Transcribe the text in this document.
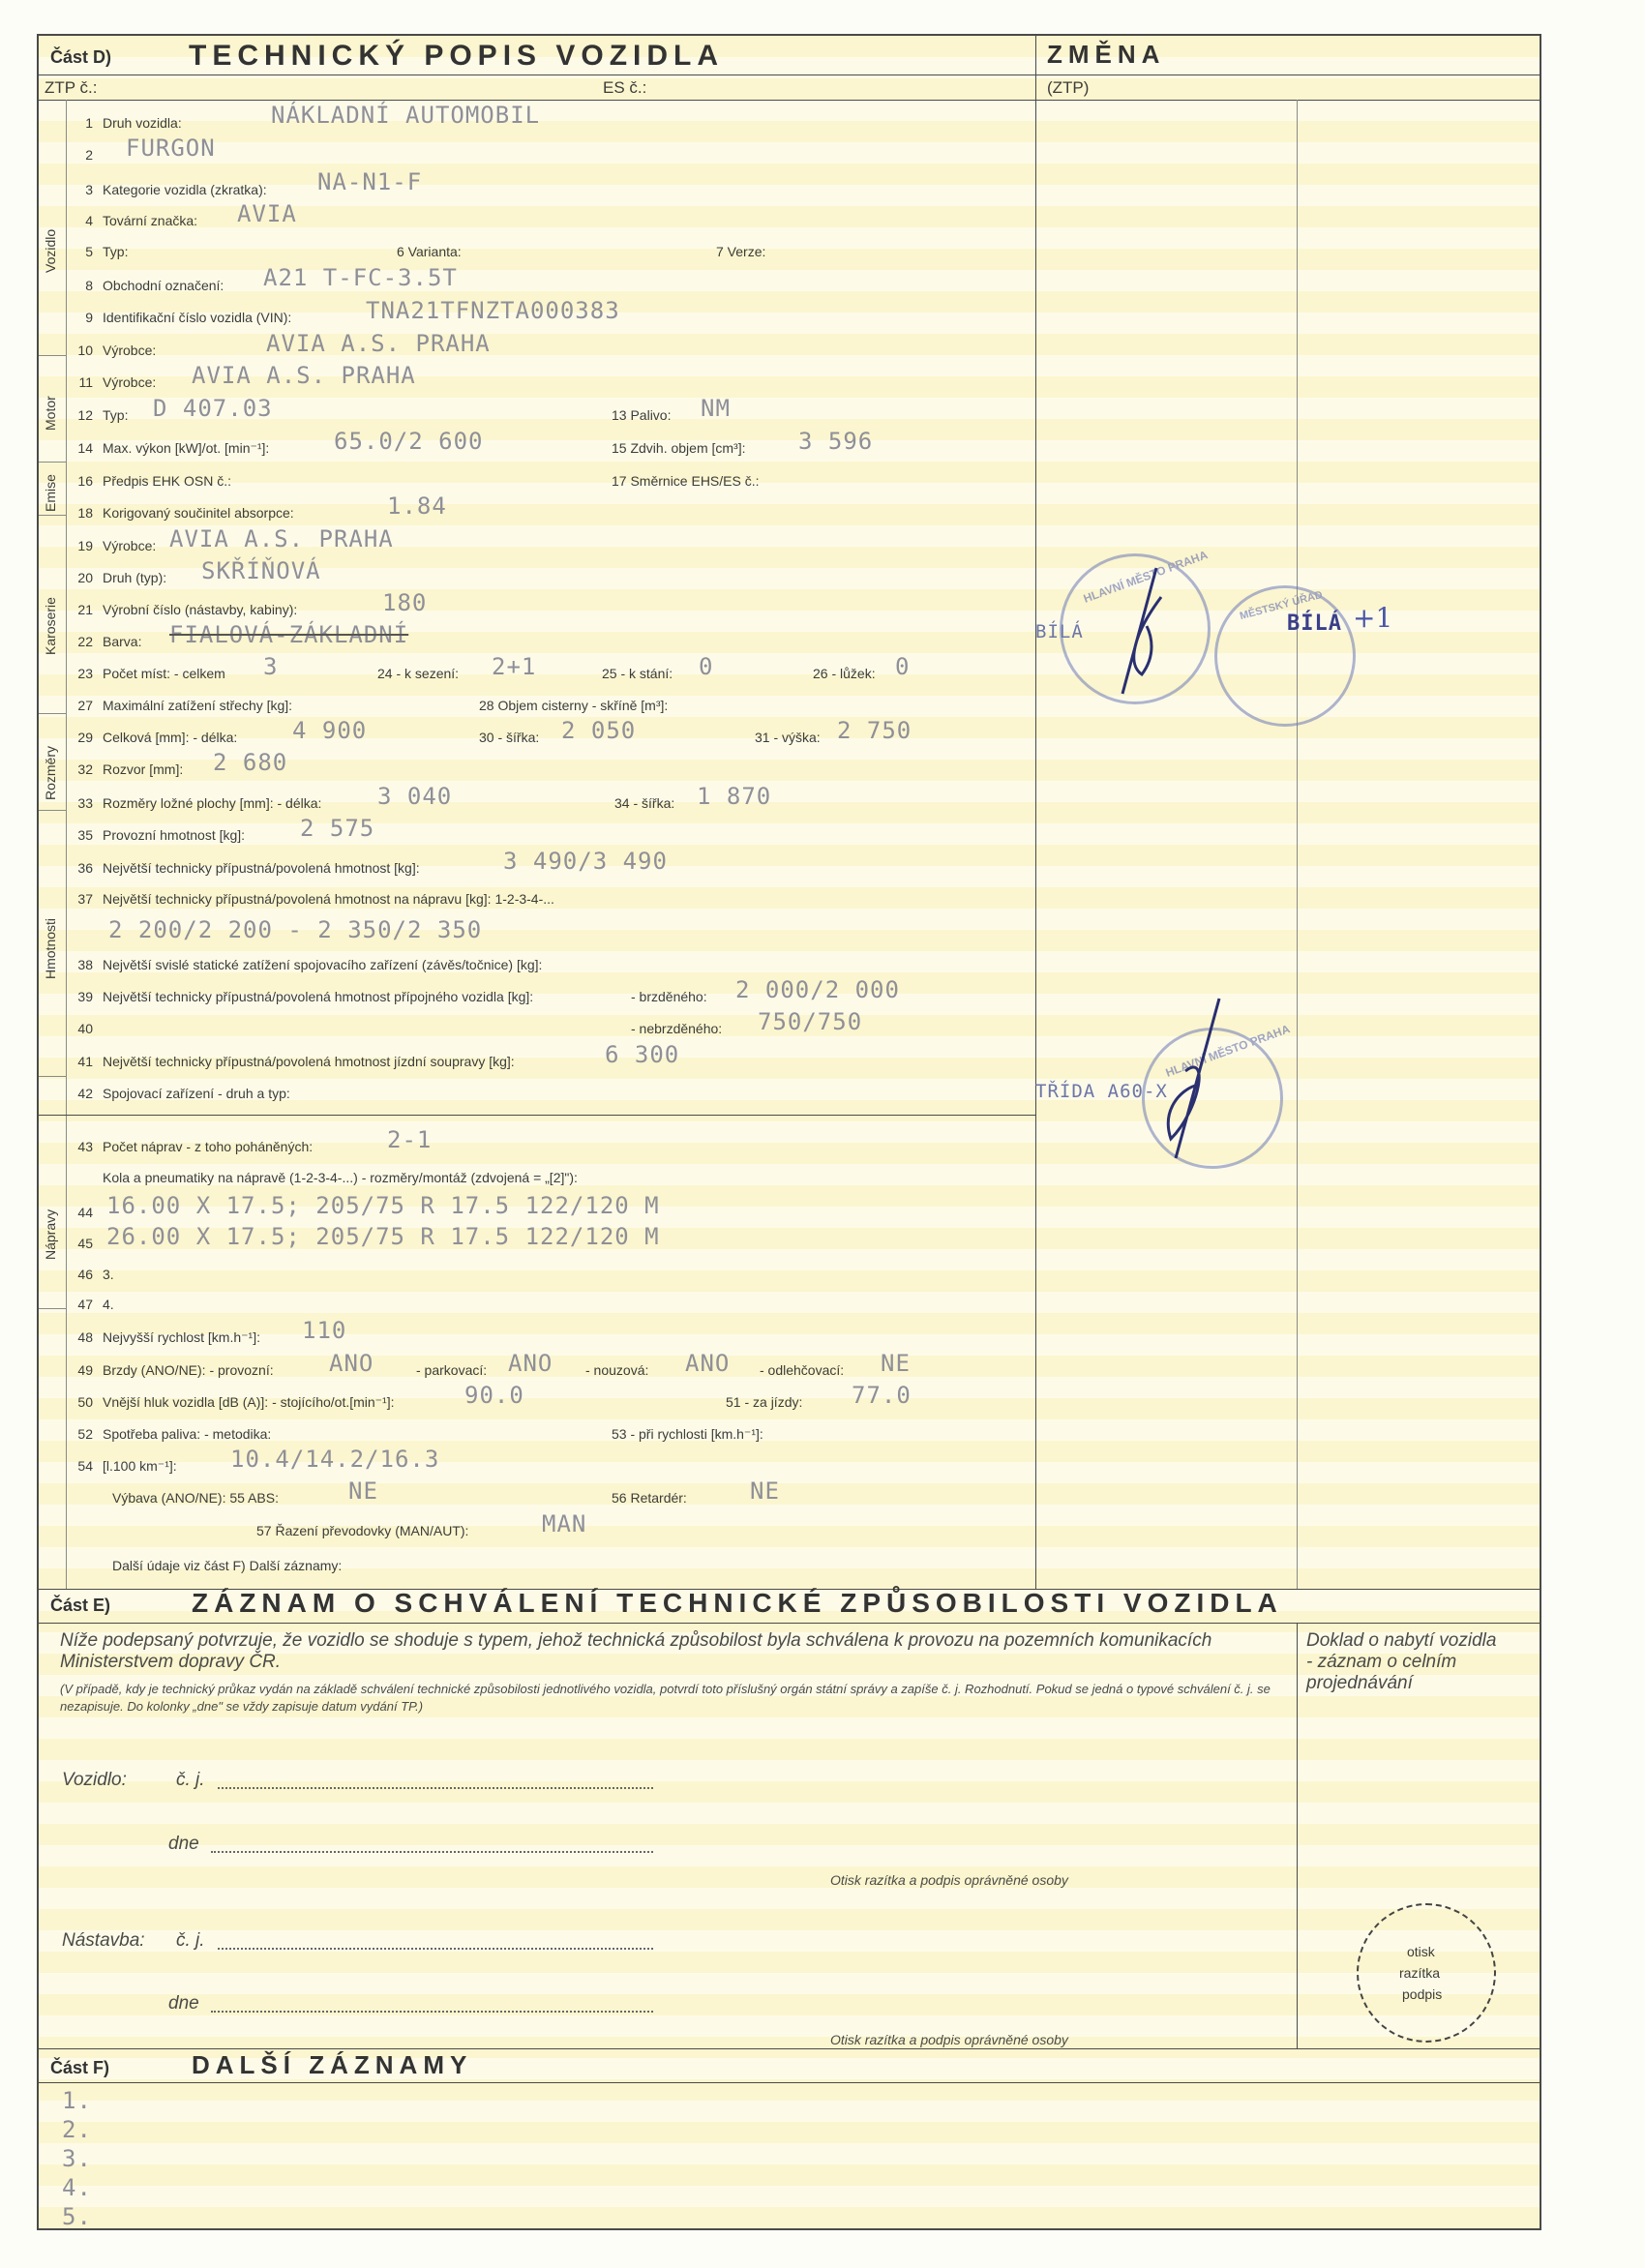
Část D)	TECHNICKÝ POPIS VOZIDLA	ZMĚNA
ZTP č.:	ES č.:	(ZTP)
Vozidlo
Motor
Emise
Karoserie
Rozměry
Hmotnosti
Nápravy
1 Druh vozidla:	NÁKLADNÍ AUTOMOBIL
2	FURGON
3 Kategorie vozidla (zkratka): NA-N1-F
4 Tovární značka: AVIA
5 Typ:	6 Varianta:	7 Verze:
8 Obchodní označení: A21 T-FC-3.5T
9 Identifikační číslo vozidla (VIN):	TNA21TFNZTA000383
10 Výrobce:	AVIA A.S. PRAHA
11 Výrobce: AVIA A.S. PRAHA
12 Typ: D 407.03	13 Palivo: NM
14 Max. výkon [kW]/ot. [min⁻¹]:	65.0/2 600	15 Zdvih. objem [cm³]: 3 596
16 Předpis EHK OSN č.:	17 Směrnice EHS/ES č.:
18 Korigovaný součinitel absorpce:	1.84
19 Výrobce: AVIA A.S. PRAHA
20 Druh (typ): SKŘÍŇOVÁ
21 Výrobní číslo (nástavby, kabiny):	180
22 Barva: FIALOVÁ-ZÁKLADNÍ
23 Počet míst: - celkem 3	24 - k sezení: 2+1	25 - k stání: 0	26 - lůžek: 0
27 Maximální zatížení střechy [kg]:	28 Objem cisterny - skříně [m³]:
29 Celková [mm]: - délka: 4 900	30 - šířka: 2 050	31 - výška: 2 750
32 Rozvor [mm]: 2 680
33 Rozměry ložné plochy [mm]: - délka: 3 040	34 - šířka: 1 870
35 Provozní hmotnost [kg]: 2 575
36 Největší technicky přípustná/povolená hmotnost [kg]:	3 490/3 490
37 Největší technicky přípustná/povolená hmotnost na nápravu [kg]: 1-2-3-4-...
2 200/2 200 - 2 350/2 350
38 Největší svislé statické zatížení spojovacího zařízení (závěs/točnice) [kg]:
39 Největší technicky přípustná/povolená hmotnost přípojného vozidla [kg]:	- brzděného: 2 000/2 000
40	- nebrzděného: 750/750
41 Největší technicky přípustná/povolená hmotnost jízdní soupravy [kg]:	6 300
42 Spojovací zařízení - druh a typ:
43 Počet náprav - z toho poháněných:	2-1
Kola a pneumatiky na nápravě (1-2-3-4-...) - rozměry/montáž (zdvojená = „[2]"):
44 16.00 X 17.5; 205/75 R 17.5 122/120 M
45 26.00 X 17.5; 205/75 R 17.5 122/120 M
46 3.
47 4.
48 Nejvyšší rychlost [km.h⁻¹]: 110
49 Brzdy (ANO/NE): - provozní: ANO	- parkovací: ANO - nouzová: ANO - odlehčovací: NE
50 Vnější hluk vozidla [dB (A)]: - stojícího/ot.[min⁻¹]:	90.0	51 - za jízdy: 77.0
52 Spotřeba paliva: - metodika:	53 - při rychlosti [km.h⁻¹]:
54 [l.100 km⁻¹]: 10.4/14.2/16.3
Výbava (ANO/NE): 55 ABS:	NE	56 Retardér:	NE
57 Řazení převodovky (MAN/AUT):	MAN
Další údaje viz část F) Další záznamy:
BÍLÁ	BÍLÁ +1
TŘÍDA A60-X
HLAVNÍ MĚSTO PRAHA
MĚSTSKÝ ÚŘAD
HLAVNÍ MĚSTO PRAHA
Část E)	ZÁZNAM O SCHVÁLENÍ TECHNICKÉ ZPŮSOBILOSTI VOZIDLA
Níže podepsaný potvrzuje, že vozidlo se shoduje s typem, jehož technická způsobilost byla schválena k provozu na pozemních komunikacích Ministerstvem dopravy ČR.
(V případě, kdy je technický průkaz vydán na základě schválení technické způsobilosti jednotlivého vozidla, potvrdí toto příslušný orgán státní správy a zapíše č. j. Rozhodnutí. Pokud se jedná o typové schválení č. j. se nezapisuje. Do kolonky „dne" se vždy zapisuje datum vydání TP.)
Doklad o nabytí vozidla - záznam o celním projednávání
Vozidlo:	č. j.
dne
Otisk razítka a podpis oprávněné osoby
Nástavba: č. j.
dne
Otisk razítka a podpis oprávněné osoby
otisk
razítka
podpis
Část F)	DALŠÍ ZÁZNAMY
1.
2.
3.
4.
5.
